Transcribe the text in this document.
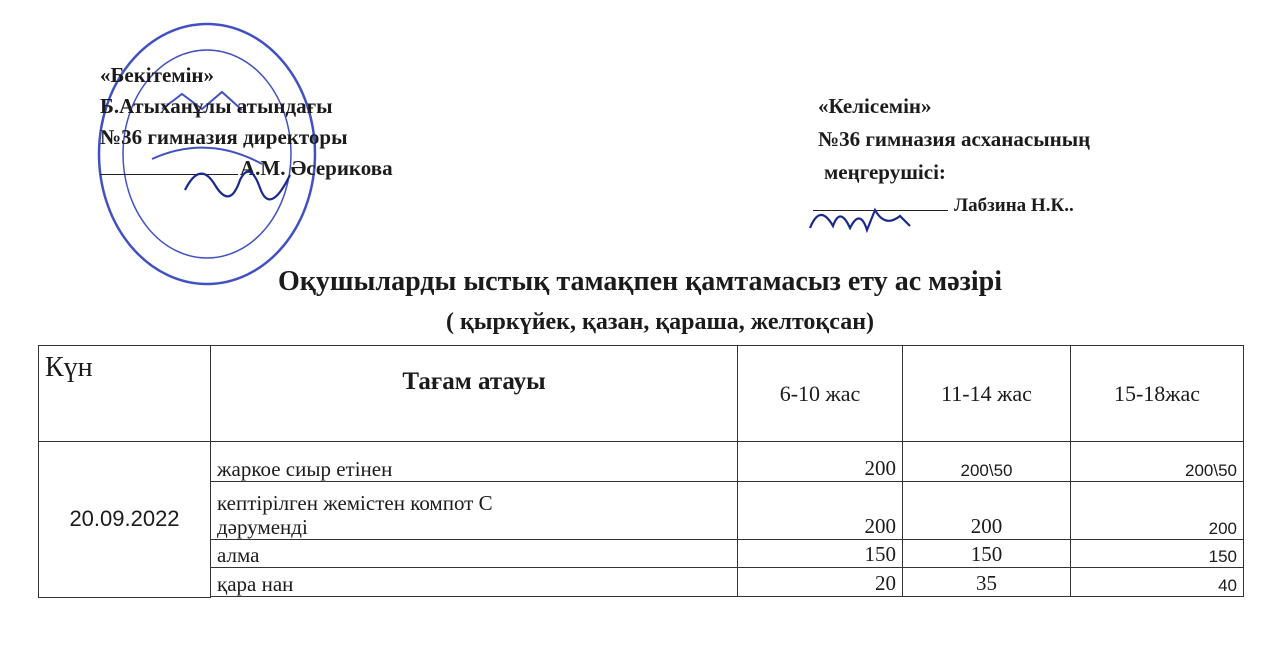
«Бекітемін»
Б.Атыханұлы атындағы
№36 гимназия директоры
А.М. Әсерикова
«Келісемін»
№36 гимназия асханасының
меңгерушісі:
Лабзина Н.К..
Оқушыларды ыстық тамақпен қамтамасыз ету ас мәзірі
( қыркүйек, қазан, қараша, желтоқсан)
Күн	Тағам атауы	6-10 жас	11-14 жас	15-18жас
20.09.2022	жаркое сиыр етінен	200	200\50	200\50

	кептірілген жемістен компот С
дәруменді	200	200	200
	алма	150	150	150
	қара нан	20	35	40
